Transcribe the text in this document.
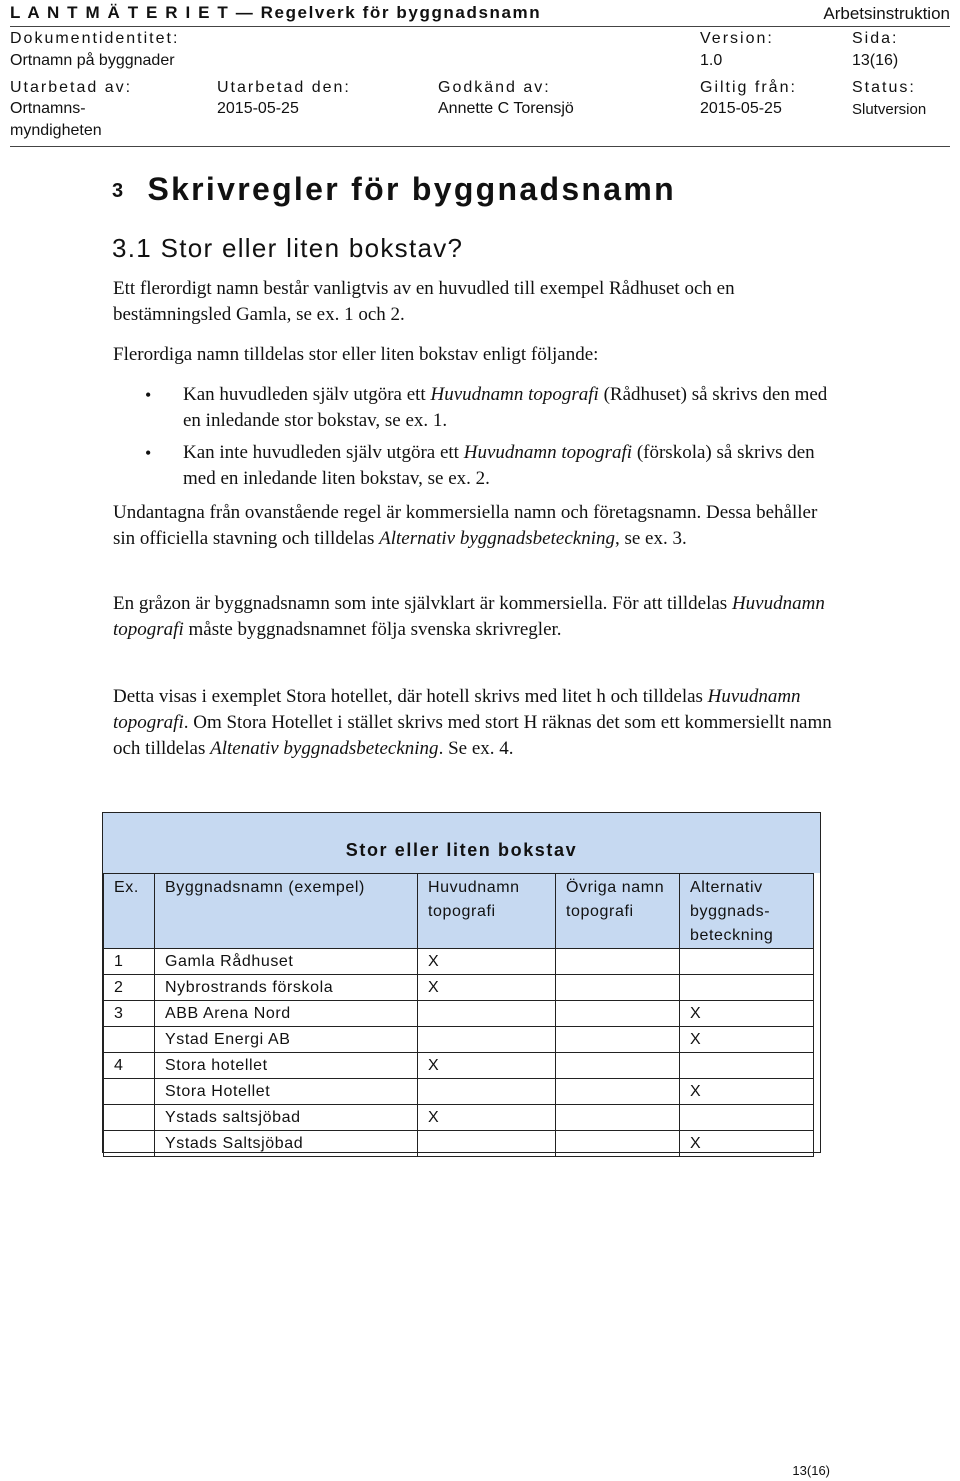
L A N T M Ä T E R I E T — Regelverk för byggnadsnamn	Arbetsinstruktion
Dokumentidentitet:	Version:	Sida:
Ortnamn på byggnader	1.0	13(16)
Utarbetad av:	Utarbetad den:	Godkänd av:	Giltig från:	Status:
Ortnamns-	2015-05-25	Annette C Torensjö	2015-05-25	Slutversion
myndigheten
3 Skrivregler för byggnadsnamn
3.1 Stor eller liten bokstav?
Ett flerordigt namn består vanligtvis av en huvudled till exempel Rådhuset och en bestämningsled Gamla, se ex. 1 och 2.
Flerordiga namn tilldelas stor eller liten bokstav enligt följande:
• Kan huvudleden själv utgöra ett Huvudnamn topografi (Rådhuset) så skrivs den med en inledande stor bokstav, se ex. 1.
• Kan inte huvudleden själv utgöra ett Huvudnamn topografi (förskola) så skrivs den med en inledande liten bokstav, se ex. 2.
Undantagna från ovanstående regel är kommersiella namn och företagsnamn. Dessa behåller sin officiella stavning och tilldelas Alternativ byggnadsbeteckning, se ex. 3.
En gråzon är byggnadsnamn som inte självklart är kommersiella. För att tilldelas Huvudnamn topografi måste byggnadsnamnet följa svenska skrivregler.
Detta visas i exemplet Stora hotellet, där hotell skrivs med litet h och tilldelas Huvudnamn topografi. Om Stora Hotellet i stället skrivs med stort H räknas det som ett kommersiellt namn och tilldelas Altenativ byggnadsbeteckning. Se ex. 4.
Stor eller liten bokstav
Ex.	Byggnadsnamn (exempel)	Huvudnamn topografi	Övriga namn topografi	Alternativ byggnadsbeteckning
1	Gamla Rådhuset	X		
2	Nybrostrands förskola	X		
3	ABB Arena Nord			X
	Ystad Energi AB			X
4	Stora hotellet	X		
	Stora Hotellet			X
	Ystads saltsjöbad	X		
	Ystads Saltsjöbad			X
13(16)
